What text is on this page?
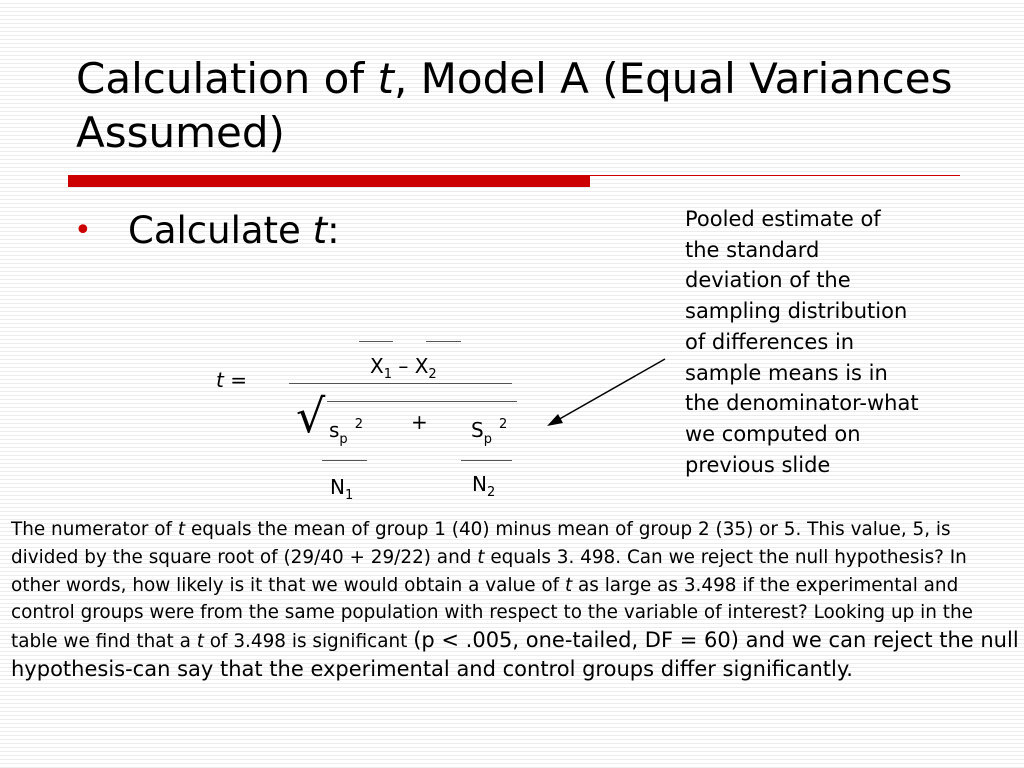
Calculation of t, Model A (Equal Variances Assumed)
• Calculate t:	Pooled estimate of
the standard
deviation of the
sampling distribution
of differences in
sample means is in
the denominator-what
we computed on
previous slide
t =
$X_1 - X_2$
√ $s_p^2$
$N_1$
+ $S_p^2$
$N_2$
The numerator of t equals the mean of group 1 (40) minus mean of group 2 (35) or 5. This value, 5, is divided by the square root of (29/40 + 29/22) and t equals 3. 498. Can we reject the null hypothesis? In other words, how likely is it that we would obtain a value of t as large as 3.498 if the experimental and control groups were from the same population with respect to the variable of interest? Looking up in the table we find that a t of 3.498 is significant (p < .005, one-tailed, DF = 60) and we can reject the null hypothesis-can say that the experimental and control groups differ significantly.
